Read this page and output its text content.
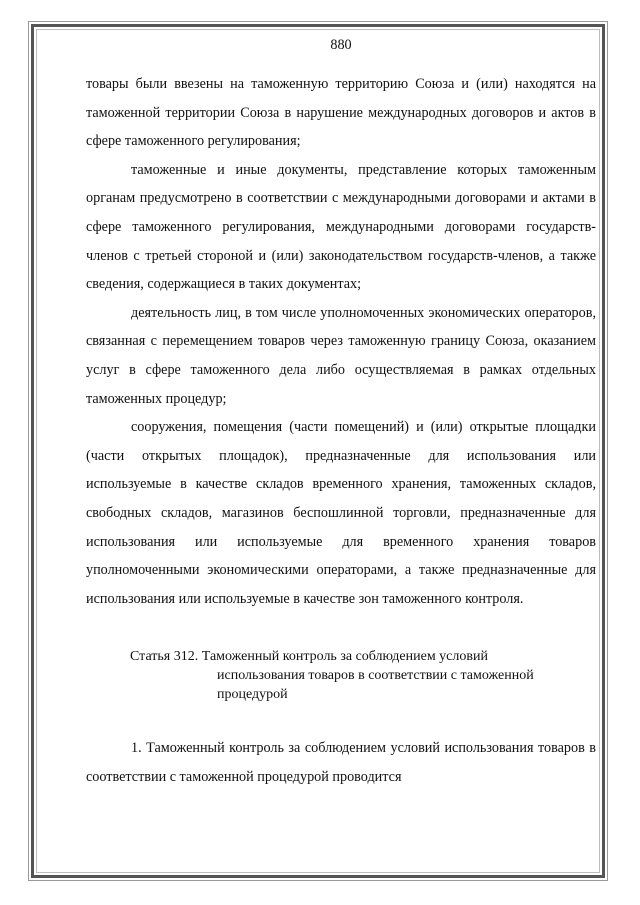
880

товары были ввезены на таможенную территорию Союза и (или) находятся на таможенной территории Союза в нарушение международных договоров и актов в сфере таможенного регулирования;

таможенные и иные документы, представление которых таможенным органам предусмотрено в соответствии с международными договорами и актами в сфере таможенного регулирования, международными договорами государств-членов с третьей стороной и (или) законодательством государств-членов, а также сведения, содержащиеся в таких документах;

деятельность лиц, в том числе уполномоченных экономических операторов, связанная с перемещением товаров через таможенную границу Союза, оказанием услуг в сфере таможенного дела либо осуществляемая в рамках отдельных таможенных процедур;

сооружения, помещения (части помещений) и (или) открытые площадки (части открытых площадок), предназначенные для использования или используемые в качестве складов временного хранения, таможенных складов, свободных складов, магазинов беспошлинной торговли, предназначенные для использования или используемые для временного хранения товаров уполномоченными экономическими операторами, а также предназначенные для использования или используемые в качестве зон таможенного контроля.

Статья 312. Таможенный контроль за соблюдением условий
использования товаров в соответствии с таможенной процедурой

1. Таможенный контроль за соблюдением условий использования товаров в соответствии с таможенной процедурой проводится
